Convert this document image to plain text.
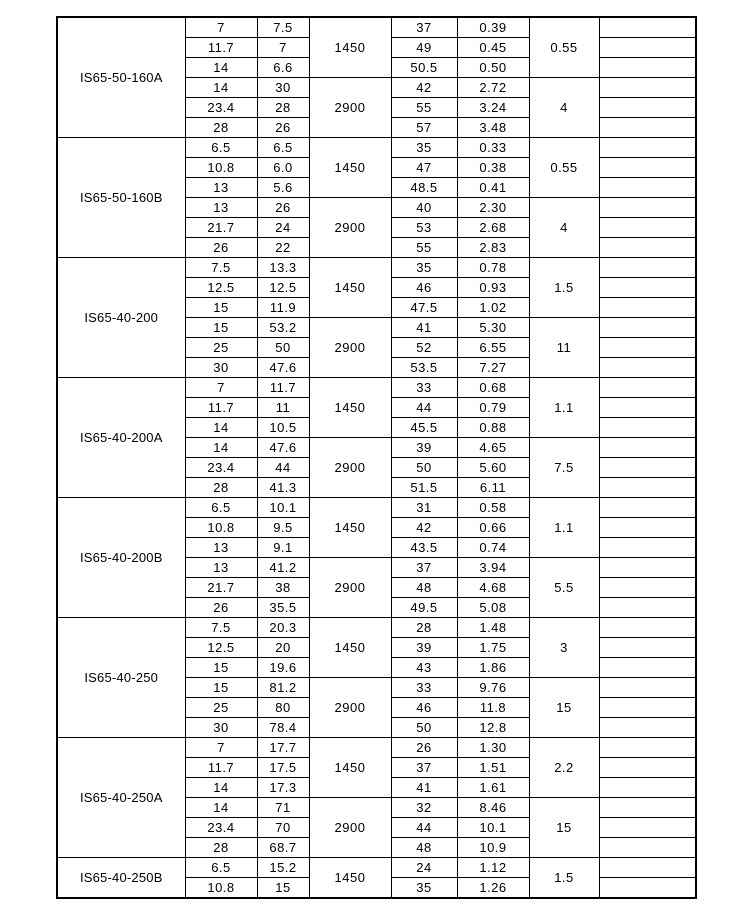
IS65-50-160A	7	7.5	1450	37	0.39	0.55		
	11.7	7		49	0.45		
	14	6.6		50.5	0.50		
	14	30	2900	42	2.72	4		
	23.4	28		55	3.24		
	28	26		57	3.48		
IS65-50-160B	6.5	6.5	1450	35	0.33	0.55		
	10.8	6.0		47	0.38		
	13	5.6		48.5	0.41		
	13	26	2900	40	2.30	4		
	21.7	24		53	2.68		
	26	22		55	2.83		
IS65-40-200	7.5	13.3	1450	35	0.78	1.5		
	12.5	12.5		46	0.93		
	15	11.9		47.5	1.02		
	15	53.2	2900	41	5.30	11		
	25	50		52	6.55		
	30	47.6		53.5	7.27		
IS65-40-200A	7	11.7	1450	33	0.68	1.1		
	11.7	11		44	0.79		
	14	10.5		45.5	0.88		
	14	47.6	2900	39	4.65	7.5		
	23.4	44		50	5.60		
	28	41.3		51.5	6.11		
IS65-40-200B	6.5	10.1	1450	31	0.58	1.1		
	10.8	9.5		42	0.66		
	13	9.1		43.5	0.74		
	13	41.2	2900	37	3.94	5.5		
	21.7	38		48	4.68		
	26	35.5		49.5	5.08		
IS65-40-250	7.5	20.3	1450	28	1.48	3		
	12.5	20		39	1.75		
	15	19.6		43	1.86		
	15	81.2	2900	33	9.76	15		
	25	80		46	11.8		
	30	78.4		50	12.8		
IS65-40-250A	7	17.7	1450	26	1.30	2.2		
	11.7	17.5		37	1.51		
	14	17.3		41	1.61		
	14	71	2900	32	8.46	15		
	23.4	70		44	10.1		
	28	68.7		48	10.9		
IS65-40-250B	6.5	15.2	1450	24	1.12	1.5		
	10.8	15		35	1.26		
